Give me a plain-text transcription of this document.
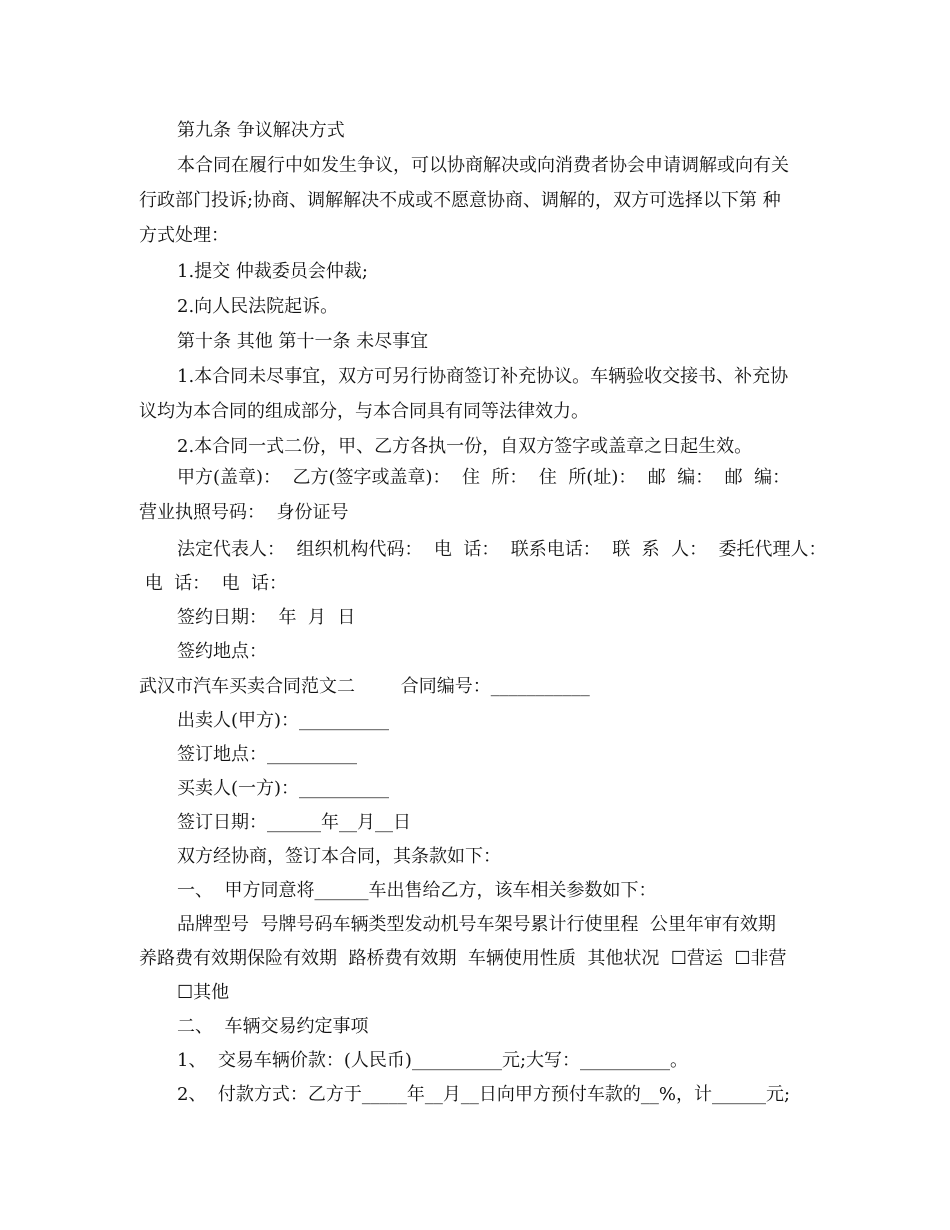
第九条 争议解决方式
本合同在履行中如发生争议，可以协商解决或向消费者协会申请调解或向有关
行政部门投诉;协商、调解解决不成或不愿意协商、调解的，双方可选择以下第 种
方式处理：
1.提交 仲裁委员会仲裁;
2.向人民法院起诉。
第十条 其他 第十一条 未尽事宜
1.本合同未尽事宜，双方可另行协商签订补充协议。车辆验收交接书、补充协
议均为本合同的组成部分，与本合同具有同等法律效力。
2.本合同一式二份，甲、乙方各执一份，自双方签字或盖章之日起生效。
甲方(盖章)：  乙方(签字或盖章)：  住  所：  住  所(址)：  邮  编：  邮  编：
营业执照号码：  身份证号
法定代表人：  组织机构代码：  电  话：  联系电话：  联  系  人：  委托代理人：
电  话：  电  话：
签约日期：  年  月  日
签约地点：
武汉市汽车买卖合同范文二        合同编号：___________
出卖人(甲方)：__________
签订地点：__________
买卖人(一方)：__________
签订日期：______年__月__日
双方经协商，签订本合同，其条款如下：
一、  甲方同意将______车出售给乙方，该车相关参数如下：
品牌型号  号牌号码车辆类型发动机号车架号累计行使里程  公里年审有效期
养路费有效期保险有效期  路桥费有效期  车辆使用性质  其他状况  ☐营运  ☐非营
☐其他
二、  车辆交易约定事项
1、  交易车辆价款：(人民币)__________元;大写：__________。
2、  付款方式：乙方于_____年__月__日向甲方预付车款的__%，计______元;
